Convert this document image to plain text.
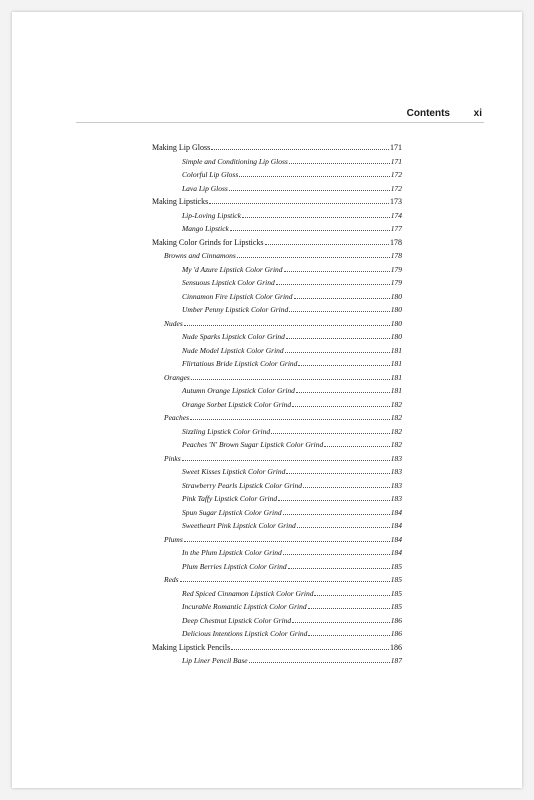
Contents xi
Making Lip Gloss	171
Simple and Conditioning Lip Gloss	171
Colorful Lip Gloss	172
Lava Lip Gloss	172
Making Lipsticks	173
Lip-Loving Lipstick	174
Mango Lipstick	177
Making Color Grinds for Lipsticks	178
Browns and Cinnamons	178
My 'd Azure Lipstick Color Grind	179
Sensuous Lipstick Color Grind	179
Cinnamon Fire Lipstick Color Grind	180
Umber Penny Lipstick Color Grind	180
Nudes	180
Nude Sparks Lipstick Color Grind	180
Nude Model Lipstick Color Grind	181
Flirtatious Bride Lipstick Color Grind	181
Oranges	181
Autumn Orange Lipstick Color Grind	181
Orange Sorbet Lipstick Color Grind	182
Peaches	182
Sizzling Lipstick Color Grind	182
Peaches 'N' Brown Sugar Lipstick Color Grind	182
Pinks	183
Sweet Kisses Lipstick Color Grind	183
Strawberry Pearls Lipstick Color Grind	183
Pink Taffy Lipstick Color Grind	183
Spun Sugar Lipstick Color Grind	184
Sweetheart Pink Lipstick Color Grind	184
Plums	184
In the Plum Lipstick Color Grind	184
Plum Berries Lipstick Color Grind	185
Reds	185
Red Spiced Cinnamon Lipstick Color Grind	185
Incurable Romantic Lipstick Color Grind	185
Deep Chestnut Lipstick Color Grind	186
Delicious Intentions Lipstick Color Grind	186
Making Lipstick Pencils	186
Lip Liner Pencil Base	187
